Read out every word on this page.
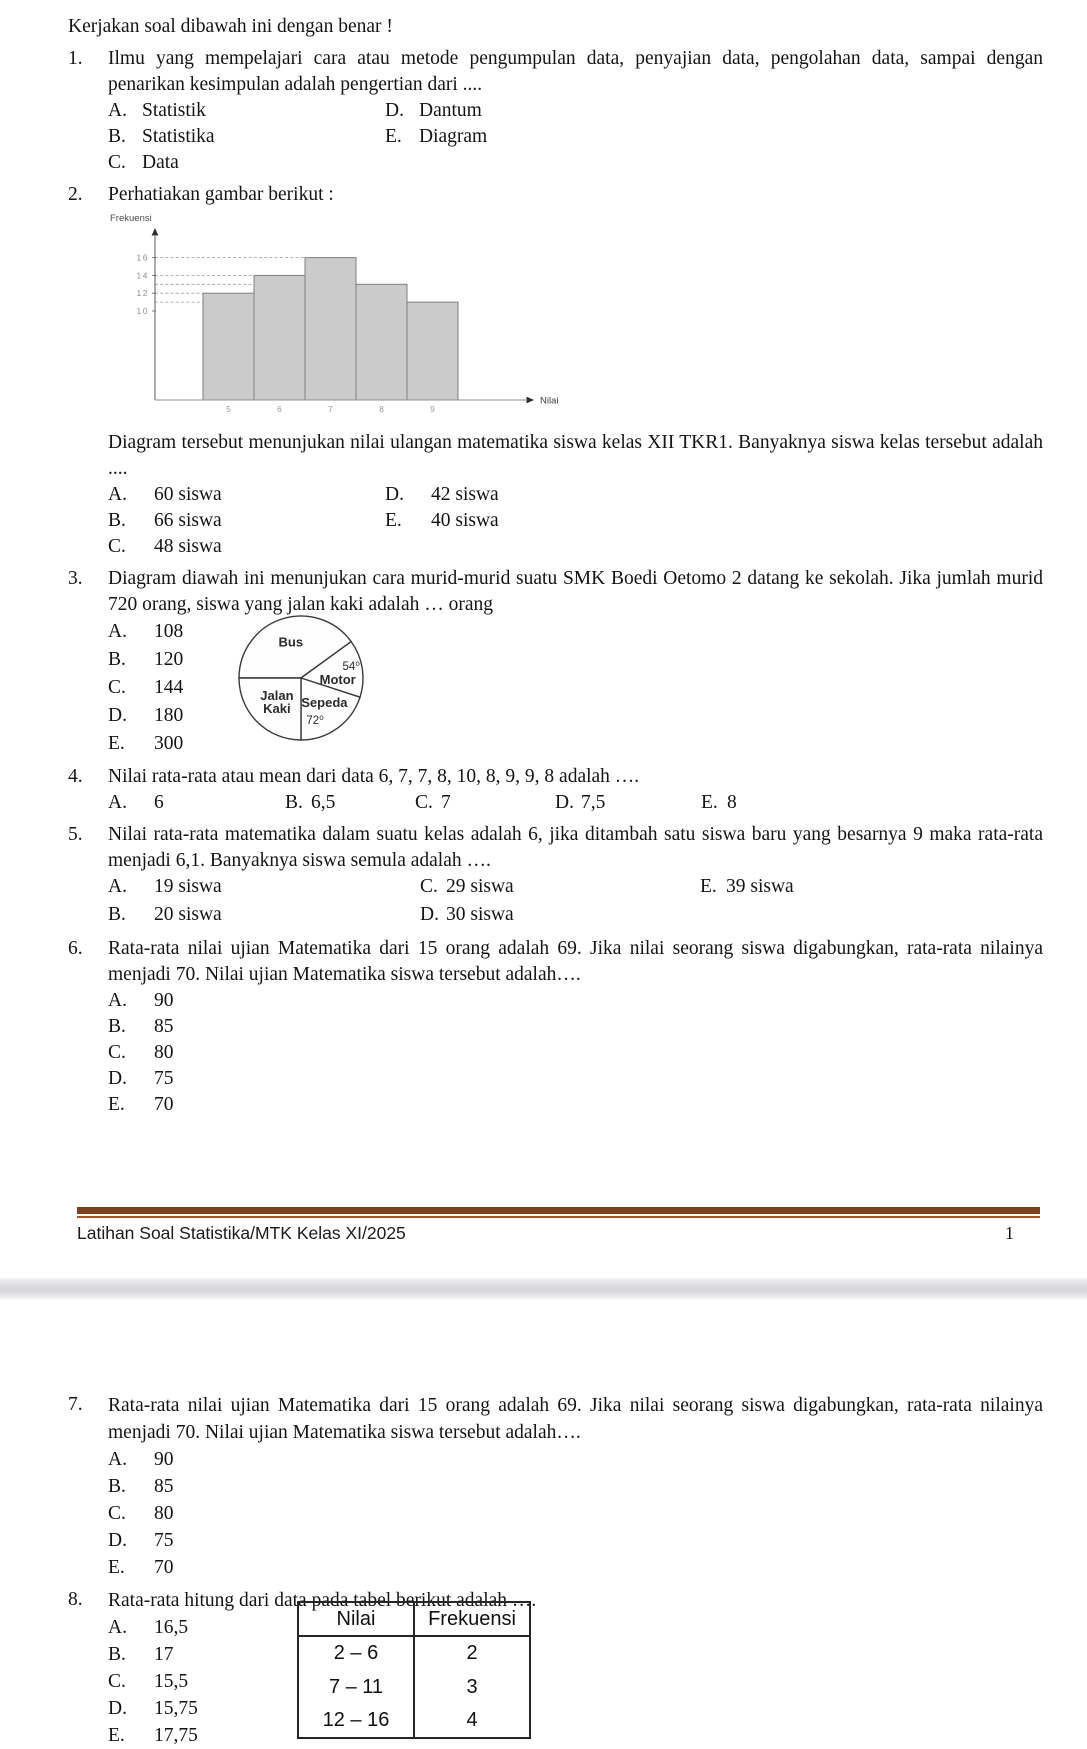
Kerjakan soal dibawah ini dengan benar !
1.	Ilmu yang mempelajari cara atau metode pengumpulan data, penyajian data, pengolahan data, sampai dengan penarikan kesimpulan adalah pengertian dari ....
A. Statistik
B. Statistika
C. Data
D. Dantum
E. Diagram
2.	Perhatiakan gambar berikut :
10
12
14
16
Nilai
Frekuensi
5	6	7	8	9
Diagram tersebut menunjukan nilai ulangan matematika siswa kelas XII TKR1. Banyaknya siswa kelas tersebut adalah ....
A. 60 siswa
B. 66 siswa
C. 48 siswa
D. 42 siswa
E. 40 siswa
3.	Diagram diawah ini menunjukan cara murid-murid suatu SMK Boedi Oetomo 2 datang ke sekolah. Jika jumlah murid 720 orang, siswa yang jalan kaki adalah … orang
A. 108
B. 120
C. 144
D. 180
E. 300
Bus
Motor
54⁰
Sepeda
72⁰
Jalan Kaki
4.	Nilai rata-rata atau mean dari data 6, 7, 7, 8, 10, 8, 9, 9, 8 adalah ….
A. 6	B. 6,5	C. 7	D. 7,5	E. 8
5.	Nilai rata-rata matematika dalam suatu kelas adalah 6, jika ditambah satu siswa baru yang besarnya 9 maka rata-rata menjadi 6,1. Banyaknya siswa semula adalah ….
A. 19 siswa	C. 29 siswa	E. 39 siswa
B. 20 siswa	D. 30 siswa
6.	Rata-rata nilai ujian Matematika dari 15 orang adalah 69. Jika nilai seorang siswa digabungkan, rata-rata nilainya menjadi 70. Nilai ujian Matematika siswa tersebut adalah….
A. 90
B. 85
C. 80
D. 75
E. 70
Latihan Soal Statistika/MTK Kelas XI/2025	1
7.	Rata-rata nilai ujian Matematika dari 15 orang adalah 69. Jika nilai seorang siswa digabungkan, rata-rata nilainya menjadi 70. Nilai ujian Matematika siswa tersebut adalah….
A. 90
B. 85
C. 80
D. 75
E. 70
8.	Rata-rata hitung dari data pada tabel berikut adalah ….
A. 16,5
B. 17
C. 15,5
D. 15,75
E. 17,75
Nilai	Frekuensi
2 – 6	2
7 – 11	3
12 – 16	4
